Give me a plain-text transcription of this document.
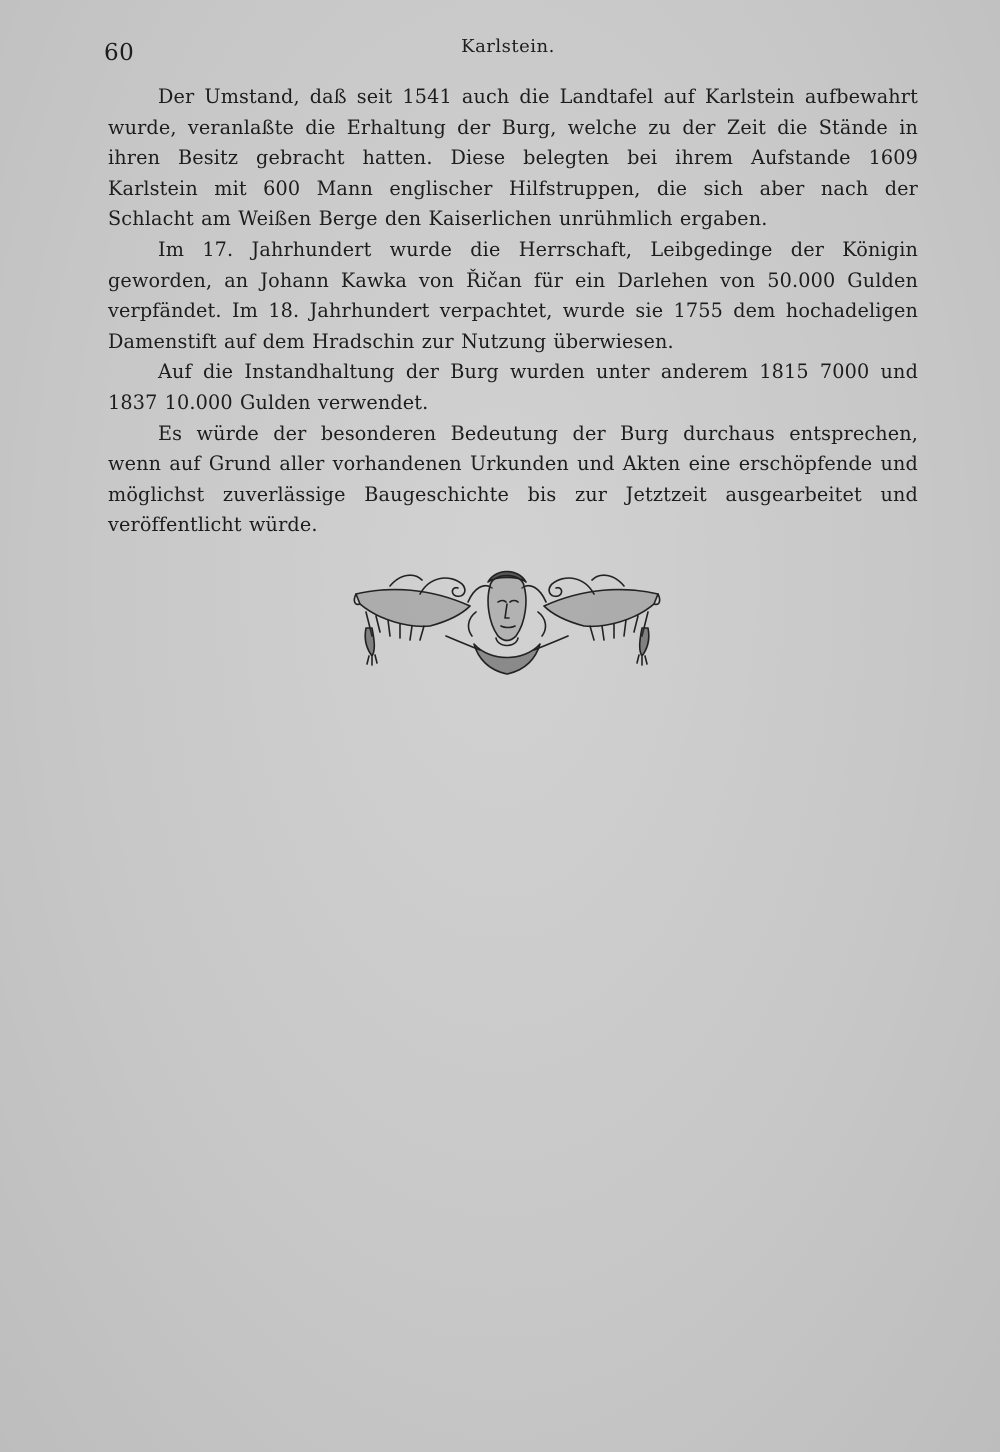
60	Karlstein.

Der Umstand, daß seit 1541 auch die Landtafel auf Karlstein aufbewahrt wurde, veranlaßte die Erhaltung der Burg, welche zu der Zeit die Stände in ihren Besitz gebracht hatten. Diese belegten bei ihrem Aufstande 1609 Karlstein mit 600 Mann englischer Hilfstruppen, die sich aber nach der Schlacht am Weißen Berge den Kaiserlichen unrühmlich ergaben.

Im 17. Jahrhundert wurde die Herrschaft, Leibgedinge der Königin geworden, an Johann Kawka von Řičan für ein Darlehen von 50.000 Gulden verpfändet. Im 18. Jahrhundert verpachtet, wurde sie 1755 dem hochadeligen Damenstift auf dem Hradschin zur Nutzung überwiesen.

Auf die Instandhaltung der Burg wurden unter anderem 1815 7000 und 1837 10.000 Gulden verwendet.

Es würde der besonderen Bedeutung der Burg durchaus entsprechen, wenn auf Grund aller vorhandenen Urkunden und Akten eine erschöpfende und möglichst zuverlässige Baugeschichte bis zur Jetztzeit ausgearbeitet und veröffentlicht würde.
